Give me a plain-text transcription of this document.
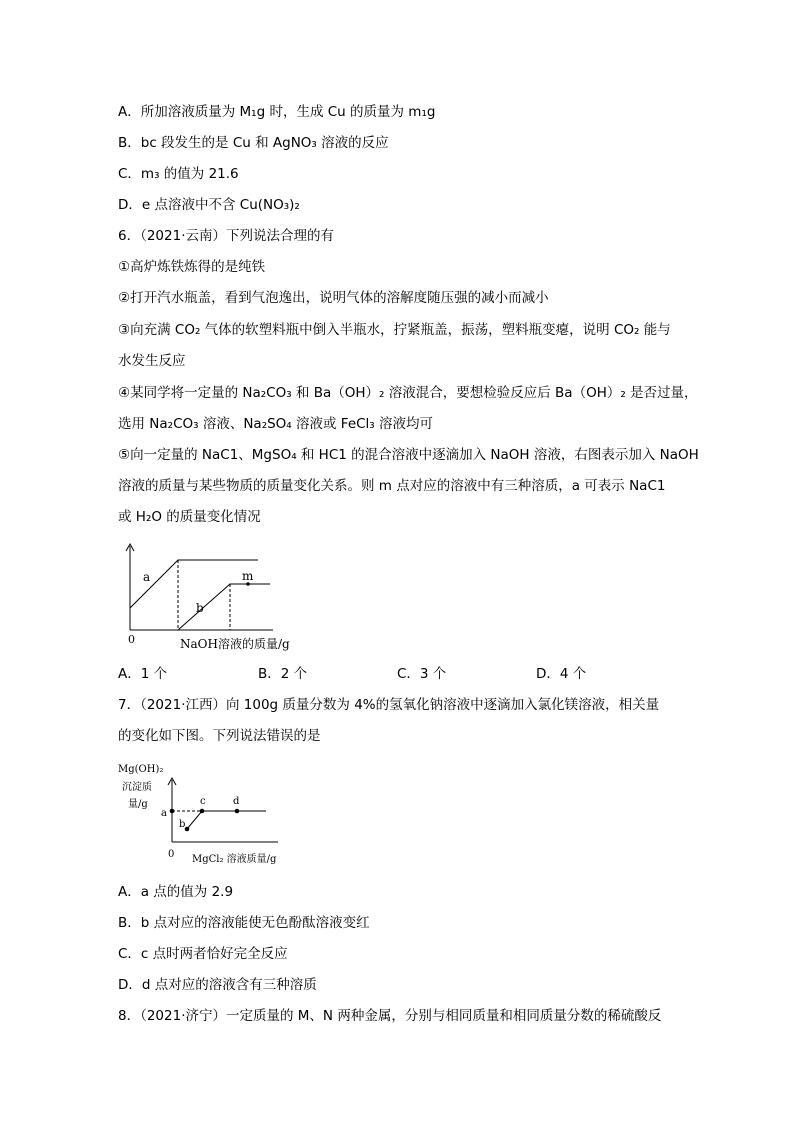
A．所加溶液质量为 M₁g 时，生成 Cu 的质量为 m₁g
B．bc 段发生的是 Cu 和 AgNO₃ 溶液的反应
C．m₃ 的值为 21.6
D．e 点溶液中不含 Cu(NO₃)₂
6．（2021·云南）下列说法合理的有
①高炉炼铁炼得的是纯铁
②打开汽水瓶盖，看到气泡逸出，说明气体的溶解度随压强的减小而减小
③向充满 CO₂ 气体的软塑料瓶中倒入半瓶水，拧紧瓶盖，振荡，塑料瓶变瘪，说明 CO₂ 能与
水发生反应
④某同学将一定量的 Na₂CO₃ 和 Ba（OH）₂ 溶液混合，要想检验反应后 Ba（OH）₂ 是否过量，
选用 Na₂CO₃ 溶液、Na₂SO₄ 溶液或 FeCl₃ 溶液均可
⑤向一定量的 NaC1、MgSO₄ 和 HC1 的混合溶液中逐滴加入 NaOH 溶液，右图表示加入 NaOH
溶液的质量与某些物质的质量变化关系。则 m 点对应的溶液中有三种溶质，a 可表示 NaC1
或 H₂O 的质量变化情况
a
b
m
0	NaOH溶液的质量/g
A．1 个	B．2 个	C．3 个	D．4 个
7．（2021·江西）向 100g 质量分数为 4%的氢氧化钠溶液中逐滴加入氯化镁溶液，相关量
的变化如下图。下列说法错误的是
Mg(OH)₂
沉淀质
量/g
a
b
c	d
0 MgCl₂ 溶液质量/g
A．a 点的值为 2.9
B．b 点对应的溶液能使无色酚酞溶液变红
C．c 点时两者恰好完全反应
D．d 点对应的溶液含有三种溶质
8．（2021·济宁）一定质量的 M、N 两种金属，分别与相同质量和相同质量分数的稀硫酸反
